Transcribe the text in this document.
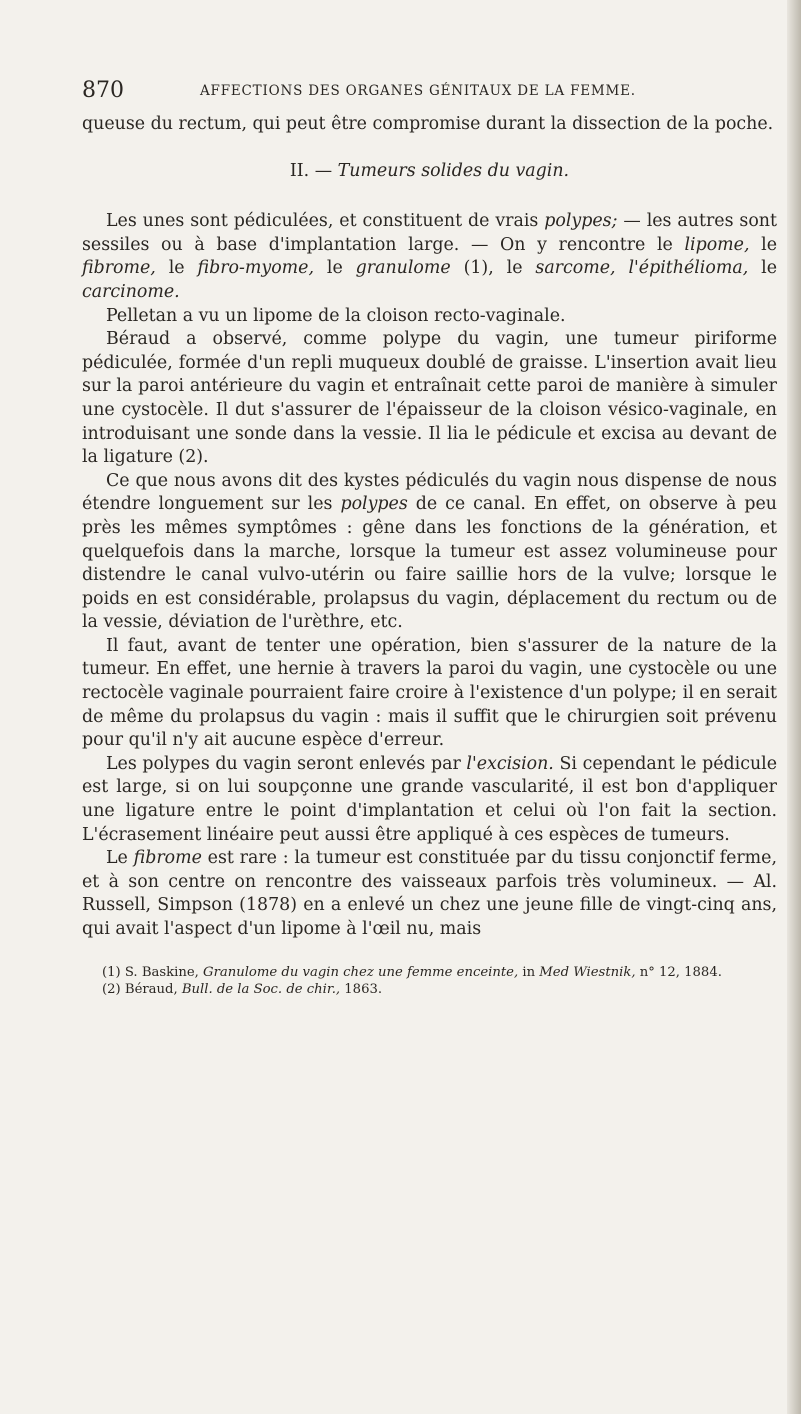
870	AFFECTIONS DES ORGANES GÉNITAUX DE LA FEMME.

queuse du rectum, qui peut être compromise durant la dissection de la poche.

II. — Tumeurs solides du vagin.

Les unes sont pédiculées, et constituent de vrais polypes; — les autres sont sessiles ou à base d'implantation large. — On y rencontre le lipome, le fibrome, le fibro-myome, le granulome (1), le sarcome, l'épithélioma, le carcinome.

Pelletan a vu un lipome de la cloison recto-vaginale.

Béraud a observé, comme polype du vagin, une tumeur piriforme pédiculée, formée d'un repli muqueux doublé de graisse. L'insertion avait lieu sur la paroi antérieure du vagin et entraînait cette paroi de manière à simuler une cystocèle. Il dut s'assurer de l'épaisseur de la cloison vésico-vaginale, en introduisant une sonde dans la vessie. Il lia le pédicule et excisa au devant de la ligature (2).

Ce que nous avons dit des kystes pédiculés du vagin nous dispense de nous étendre longuement sur les polypes de ce canal. En effet, on observe à peu près les mêmes symptômes : gêne dans les fonctions de la génération, et quelquefois dans la marche, lorsque la tumeur est assez volumineuse pour distendre le canal vulvo-utérin ou faire saillie hors de la vulve; lorsque le poids en est considérable, prolapsus du vagin, déplacement du rectum ou de la vessie, déviation de l'urèthre, etc.

Il faut, avant de tenter une opération, bien s'assurer de la nature de la tumeur. En effet, une hernie à travers la paroi du vagin, une cystocèle ou une rectocèle vaginale pourraient faire croire à l'existence d'un polype; il en serait de même du prolapsus du vagin : mais il suffit que le chirurgien soit prévenu pour qu'il n'y ait aucune espèce d'erreur.

Les polypes du vagin seront enlevés par l'excision. Si cependant le pédicule est large, si on lui soupçonne une grande vascularité, il est bon d'appliquer une ligature entre le point d'implantation et celui où l'on fait la section. L'écrasement linéaire peut aussi être appliqué à ces espèces de tumeurs.

Le fibrome est rare : la tumeur est constituée par du tissu conjonctif ferme, et à son centre on rencontre des vaisseaux parfois très volumineux. — Al. Russell, Simpson (1878) en a enlevé un chez une jeune fille de vingt-cinq ans, qui avait l'aspect d'un lipome à l'œil nu, mais

(1) S. Baskine, Granulome du vagin chez une femme enceinte, in Med Wiestnik, n° 12, 1884.

(2) Béraud, Bull. de la Soc. de chir., 1863.
